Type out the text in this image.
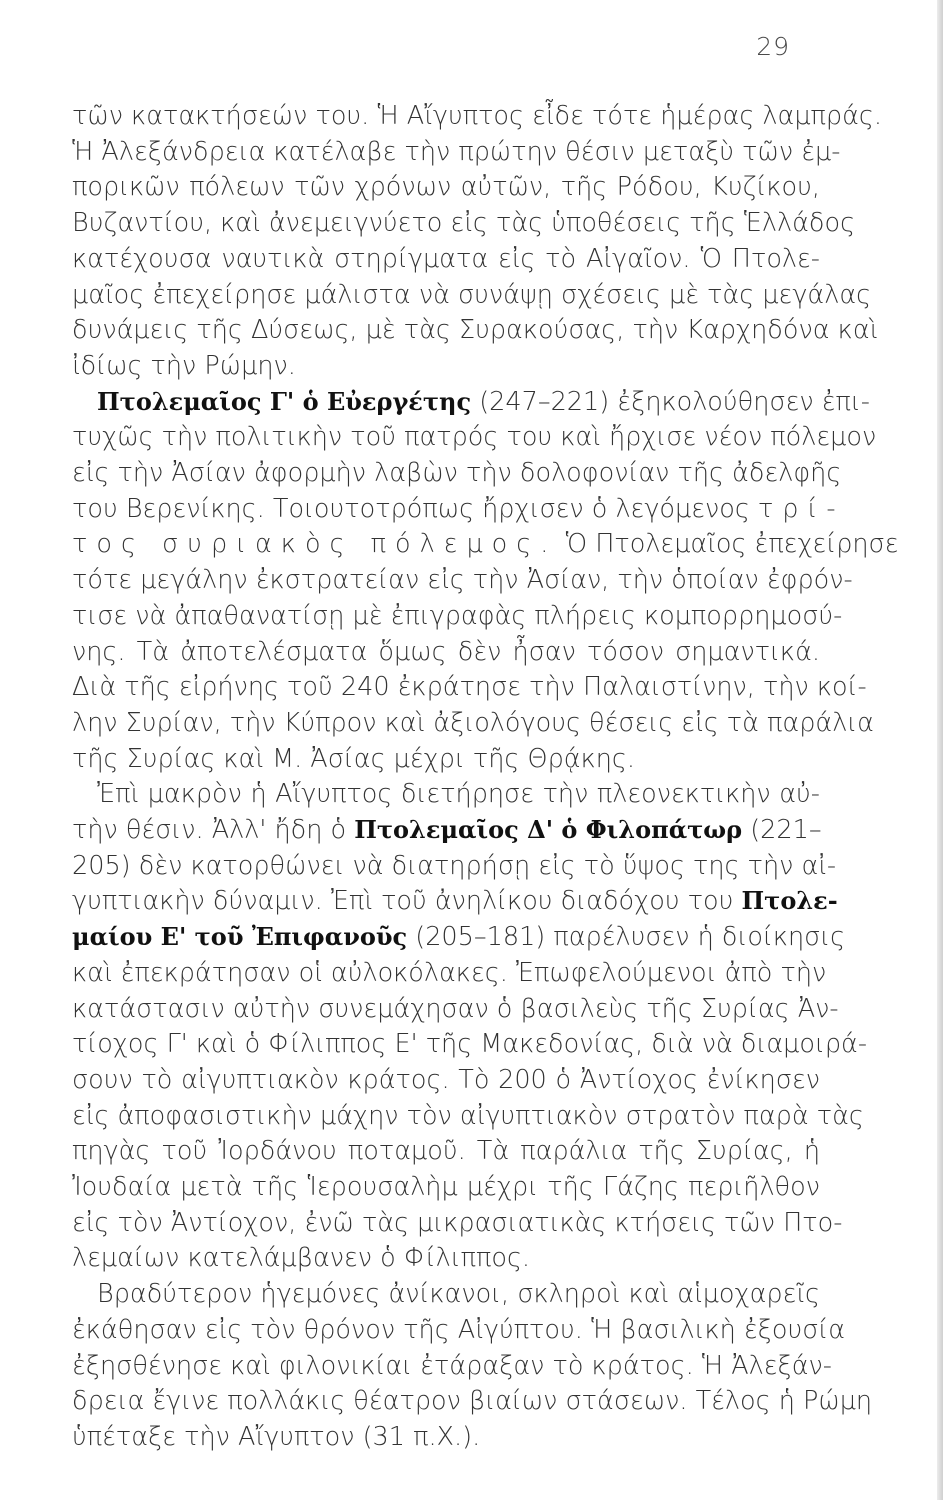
29
τῶν κατακτήσεών του. Ἡ Αἴγυπτος εἶδε τότε ἡμέρας λαμπράς.
Ἡ Ἀλεξάνδρεια κατέλαβε τὴν πρώτην θέσιν μεταξὺ τῶν ἐμ-
πορικῶν πόλεων τῶν χρόνων αὐτῶν, τῆς Ρόδου, Κυζίκου,
Βυζαντίου, καὶ ἀνεμειγνύετο εἰς τὰς ὑποθέσεις τῆς Ἑλλάδος
κατέχουσα ναυτικὰ στηρίγματα εἰς τὸ Αἰγαῖον. Ὁ Πτολε-
μαῖος ἐπεχείρησε μάλιστα νὰ συνάψῃ σχέσεις μὲ τὰς μεγάλας
δυνάμεις τῆς Δύσεως, μὲ τὰς Συρακούσας, τὴν Καρχηδόνα καὶ
ἰδίως τὴν Ρώμην.
Πτολεμαῖος Γ' ὁ Εὐεργέτης (247–221) ἐξηκολούθησεν ἐπι-
τυχῶς τὴν πολιτικὴν τοῦ πατρός του καὶ ἤρχισε νέον πόλεμον
εἰς τὴν Ἀσίαν ἀφορμὴν λαβὼν τὴν δολοφονίαν τῆς ἀδελφῆς
του Βερενίκης. Τοιουτοτρόπως ἤρχισεν ὁ λεγόμενος τρί-
τος συριακὸς πόλεμος. Ὁ Πτολεμαῖος ἐπεχείρησε
τότε μεγάλην ἐκστρατείαν εἰς τὴν Ἀσίαν, τὴν ὁποίαν ἐφρόν-
τισε νὰ ἀπαθανατίσῃ μὲ ἐπιγραφὰς πλήρεις κομπορρημοσύ-
νης. Τὰ ἀποτελέσματα ὅμως δὲν ἦσαν τόσον σημαντικά.
Διὰ τῆς εἰρήνης τοῦ 240 ἐκράτησε τὴν Παλαιστίνην, τὴν κοί-
λην Συρίαν, τὴν Κύπρον καὶ ἀξιολόγους θέσεις εἰς τὰ παράλια
τῆς Συρίας καὶ Μ. Ἀσίας μέχρι τῆς Θρᾴκης.
Ἐπὶ μακρὸν ἡ Αἴγυπτος διετήρησε τὴν πλεονεκτικὴν αὐ-
τὴν θέσιν. Ἀλλ' ἤδη ὁ Πτολεμαῖος Δ' ὁ Φιλοπάτωρ (221–
205) δὲν κατορθώνει νὰ διατηρήσῃ εἰς τὸ ὕψος της τὴν αἰ-
γυπτιακὴν δύναμιν. Ἐπὶ τοῦ ἀνηλίκου διαδόχου του Πτολε-
μαίου Ε' τοῦ Ἐπιφανοῦς (205–181) παρέλυσεν ἡ διοίκησις
καὶ ἐπεκράτησαν οἱ αὐλοκόλακες. Ἐπωφελούμενοι ἀπὸ τὴν
κατάστασιν αὐτὴν συνεμάχησαν ὁ βασιλεὺς τῆς Συρίας Ἀν-
τίοχος Γ' καὶ ὁ Φίλιππος Ε' τῆς Μακεδονίας, διὰ νὰ διαμοιρά-
σουν τὸ αἰγυπτιακὸν κράτος. Τὸ 200 ὁ Ἀντίοχος ἐνίκησεν
εἰς ἀποφασιστικὴν μάχην τὸν αἰγυπτιακὸν στρατὸν παρὰ τὰς
πηγὰς τοῦ Ἰορδάνου ποταμοῦ. Τὰ παράλια τῆς Συρίας, ἡ
Ἰουδαία μετὰ τῆς Ἱερουσαλὴμ μέχρι τῆς Γάζης περιῆλθον
εἰς τὸν Ἀντίοχον, ἐνῶ τὰς μικρασιατικὰς κτήσεις τῶν Πτο-
λεμαίων κατελάμβανεν ὁ Φίλιππος.
Βραδύτερον ἡγεμόνες ἀνίκανοι, σκληροὶ καὶ αἱμοχαρεῖς
ἐκάθησαν εἰς τὸν θρόνον τῆς Αἰγύπτου. Ἡ βασιλικὴ ἐξουσία
ἐξησθένησε καὶ φιλονικίαι ἐτάραξαν τὸ κράτος. Ἡ Ἀλεξάν-
δρεια ἔγινε πολλάκις θέατρον βιαίων στάσεων. Τέλος ἡ Ρώμη
ὑπέταξε τὴν Αἴγυπτον (31 π.Χ.).
